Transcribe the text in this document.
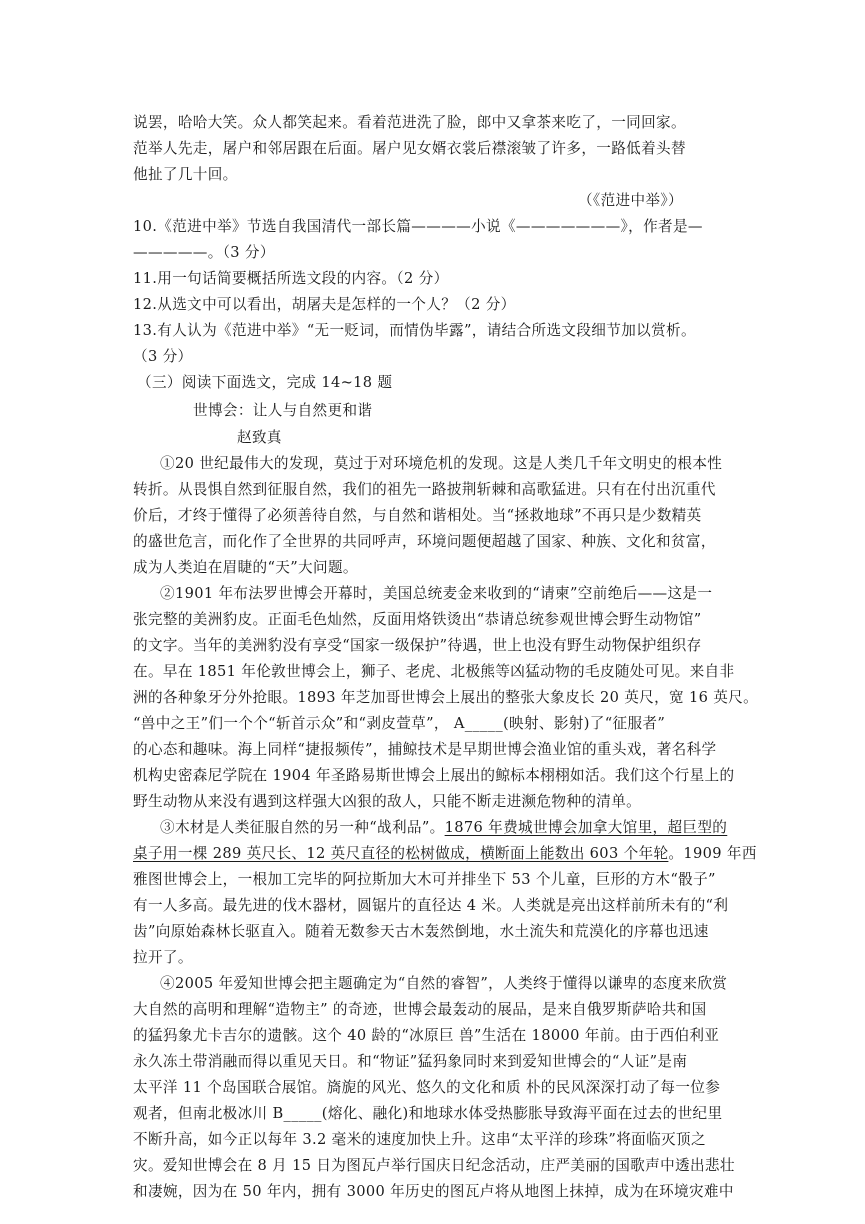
说罢，哈哈大笑。众人都笑起来。看着范进洗了脸，郎中又拿茶来吃了，一同回家。
范举人先走，屠户和邻居跟在后面。屠户见女婿衣裳后襟滚皱了许多，一路低着头替
他扯了几十回。
（《范进中举》）
10.《范进中举》节选自我国清代一部长篇————小说《———————》，作者是—
—————。（3 分）
11.用一句话简要概括所选文段的内容。（2 分）
12.从选文中可以看出，胡屠夫是怎样的一个人？（2 分）
13.有人认为《范进中举》“无一贬词，而情伪毕露”，请结合所选文段细节加以赏析。
（3 分）
（三）阅读下面选文，完成 14~18 题
世博会：让人与自然更和谐
赵致真
①20 世纪最伟大的发现，莫过于对环境危机的发现。这是人类几千年文明史的根本性
转折。从畏惧自然到征服自然，我们的祖先一路披荆斩棘和高歌猛进。只有在付出沉重代
价后，才终于懂得了必须善待自然，与自然和谐相处。当“拯救地球”不再只是少数精英
的盛世危言，而化作了全世界的共同呼声，环境问题便超越了国家、种族、文化和贫富，
成为人类迫在眉睫的“天”大问题。
②1901 年布法罗世博会开幕时，美国总统麦金来收到的“请柬”空前绝后——这是一
张完整的美洲豹皮。正面毛色灿然，反面用烙铁烫出“恭请总统参观世博会野生动物馆”
的文字。当年的美洲豹没有享受“国家一级保护”待遇，世上也没有野生动物保护组织存
在。早在 1851 年伦敦世博会上，狮子、老虎、北极熊等凶猛动物的毛皮随处可见。来自非
洲的各种象牙分外抢眼。1893 年芝加哥世博会上展出的整张大象皮长 20 英尺，宽 16 英尺。
“兽中之王”们一个个“斩首示众”和“剥皮萱草”， A_____(映射、影射)了“征服者”
的心态和趣味。海上同样“捷报频传”，捕鲸技术是早期世博会渔业馆的重头戏，著名科学
机构史密森尼学院在 1904 年圣路易斯世博会上展出的鲸标本栩栩如活。我们这个行星上的
野生动物从来没有遇到这样强大凶狠的敌人，只能不断走进濒危物种的清单。
③木材是人类征服自然的另一种“战利品”。1876 年费城世博会加拿大馆里，超巨型的
桌子用一棵 289 英尺长、12 英尺直径的松树做成，横断面上能数出 603 个年轮。1909 年西
雅图世博会上，一根加工完毕的阿拉斯加大木可并排坐下 53 个儿童，巨形的方木“骰子”
有一人多高。最先进的伐木器材，圆锯片的直径达 4 米。人类就是亮出这样前所未有的“利
齿”向原始森林长驱直入。随着无数参天古木轰然倒地，水土流失和荒漠化的序幕也迅速
拉开了。
④2005 年爱知世博会把主题确定为“自然的睿智”，人类终于懂得以谦卑的态度来欣赏
大自然的高明和理解“造物主” 的奇迹，世博会最轰动的展品，是来自俄罗斯萨哈共和国
的猛犸象尤卡吉尔的遗骸。这个 40 龄的“冰原巨 兽”生活在 18000 年前。由于西伯利亚
永久冻土带消融而得以重见天日。和“物证”猛犸象同时来到爱知世博会的“人证”是南
太平洋 11 个岛国联合展馆。旖旎的风光、悠久的文化和质 朴的民风深深打动了每一位参
观者，但南北极冰川 B_____(熔化、融化)和地球水体受热膨胀导致海平面在过去的世纪里
不断升高，如今正以每年 3.2 毫米的速度加快上升。这串“太平洋的珍珠”将面临灭顶之
灾。爱知世博会在 8 月 15 日为图瓦卢举行国庆日纪念活动，庄严美丽的国歌声中透出悲壮
和凄婉，因为在 50 年内，拥有 3000 年历史的图瓦卢将从地图上抹掉，成为在环境灾难中
